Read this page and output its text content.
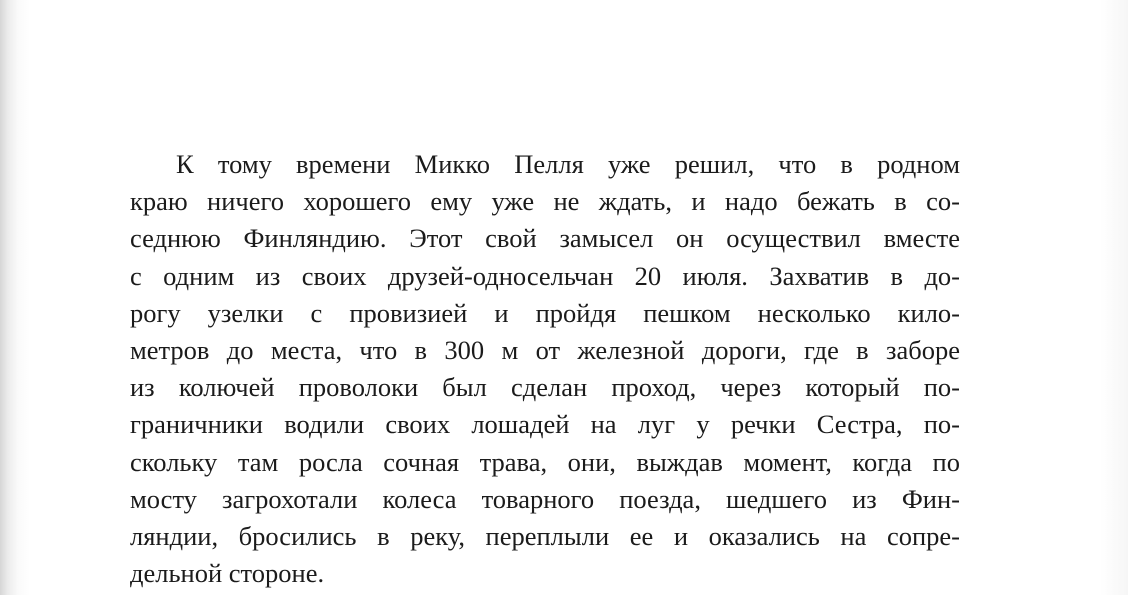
К тому времени Микко Пелля уже решил, что в родном
краю ничего хорошего ему уже не ждать, и надо бежать в со-
седнюю Финляндию. Этот свой замысел он осуществил вместе
с одним из своих друзей-односельчан 20 июля. Захватив в до-
рогу узелки с провизией и пройдя пешком несколько кило-
метров до места, что в 300 м от железной дороги, где в заборе
из колючей проволоки был сделан проход, через который по-
граничники водили своих лошадей на луг у речки Сестра, по-
скольку там росла сочная трава, они, выждав момент, когда по
мосту загрохотали колеса товарного поезда, шедшего из Фин-
ляндии, бросились в реку, переплыли ее и оказались на сопре-
дельной стороне.
